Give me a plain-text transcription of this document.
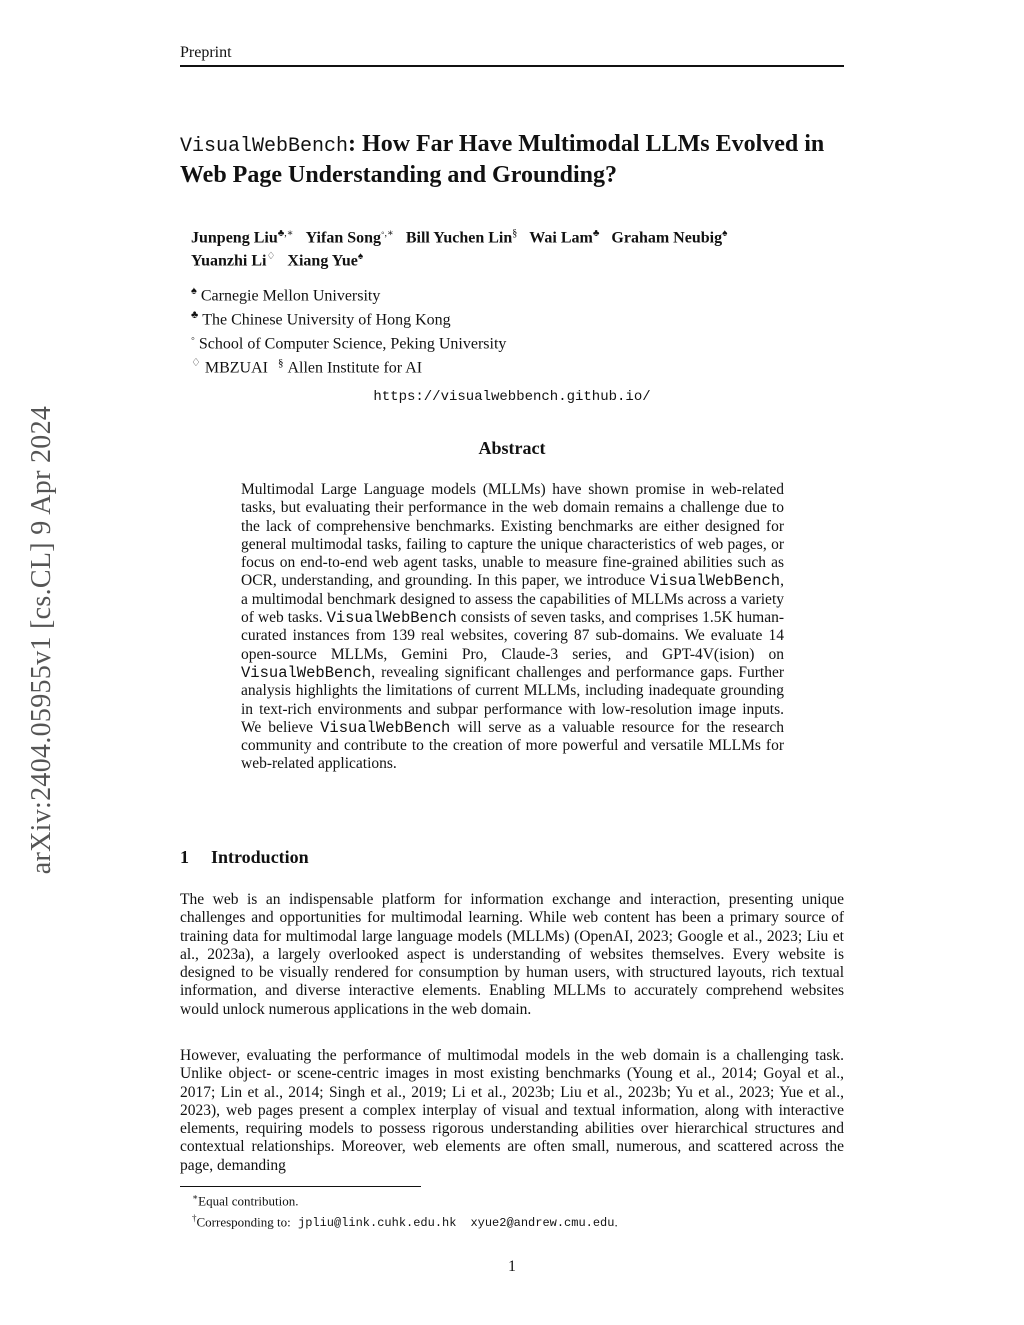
Preprint
arXiv:2404.05955v1 [cs.CL] 9 Apr 2024
VisualWebBench: How Far Have Multimodal LLMs Evolved in Web Page Understanding and Grounding?
Junpeng Liu♣,∗ Yifan Song◦,∗ Bill Yuchen Lin§ Wai Lam♣ Graham Neubig♠
Yuanzhi Li♢ Xiang Yue♠
♠ Carnegie Mellon University
♣ The Chinese University of Hong Kong
◦ School of Computer Science, Peking University
♢ MBZUAI § Allen Institute for AI
https://visualwebbench.github.io/
Abstract

Multimodal Large Language models (MLLMs) have shown promise in web-related tasks, but evaluating their performance in the web domain remains a challenge due to the lack of comprehensive benchmarks. Existing benchmarks are either designed for general multimodal tasks, failing to capture the unique characteristics of web pages, or focus on end-to-end web agent tasks, unable to measure fine-grained abilities such as OCR, understanding, and grounding. In this paper, we introduce VisualWebBench, a multimodal benchmark designed to assess the capabilities of MLLMs across a variety of web tasks. VisualWebBench consists of seven tasks, and comprises 1.5K human-curated instances from 139 real websites, covering 87 sub-domains. We evaluate 14 open-source MLLMs, Gemini Pro, Claude-3 series, and GPT-4V(ision) on VisualWebBench, revealing significant challenges and performance gaps. Further analysis highlights the limitations of current MLLMs, including inadequate grounding in text-rich environments and subpar performance with low-resolution image inputs. We believe VisualWebBench will serve as a valuable resource for the research community and contribute to the creation of more powerful and versatile MLLMs for web-related applications.

1 Introduction

The web is an indispensable platform for information exchange and interaction, presenting unique challenges and opportunities for multimodal learning. While web content has been a primary source of training data for multimodal large language models (MLLMs) (OpenAI, 2023; Google et al., 2023; Liu et al., 2023a), a largely overlooked aspect is understanding of websites themselves. Every website is designed to be visually rendered for consumption by human users, with structured layouts, rich textual information, and diverse interactive elements. Enabling MLLMs to accurately comprehend websites would unlock numerous applications in the web domain.

However, evaluating the performance of multimodal models in the web domain is a challenging task. Unlike object- or scene-centric images in most existing benchmarks (Young et al., 2014; Goyal et al., 2017; Lin et al., 2014; Singh et al., 2019; Li et al., 2023b; Liu et al., 2023b; Yu et al., 2023; Yue et al., 2023), web pages present a complex interplay of visual and textual information, along with interactive elements, requiring models to possess rigorous understanding abilities over hierarchical structures and contextual relationships. Moreover, web elements are often small, numerous, and scattered across the page, demanding

∗Equal contribution.
†Corresponding to: jpliu@link.cuhk.edu.hk xyue2@andrew.cmu.edu.
1
